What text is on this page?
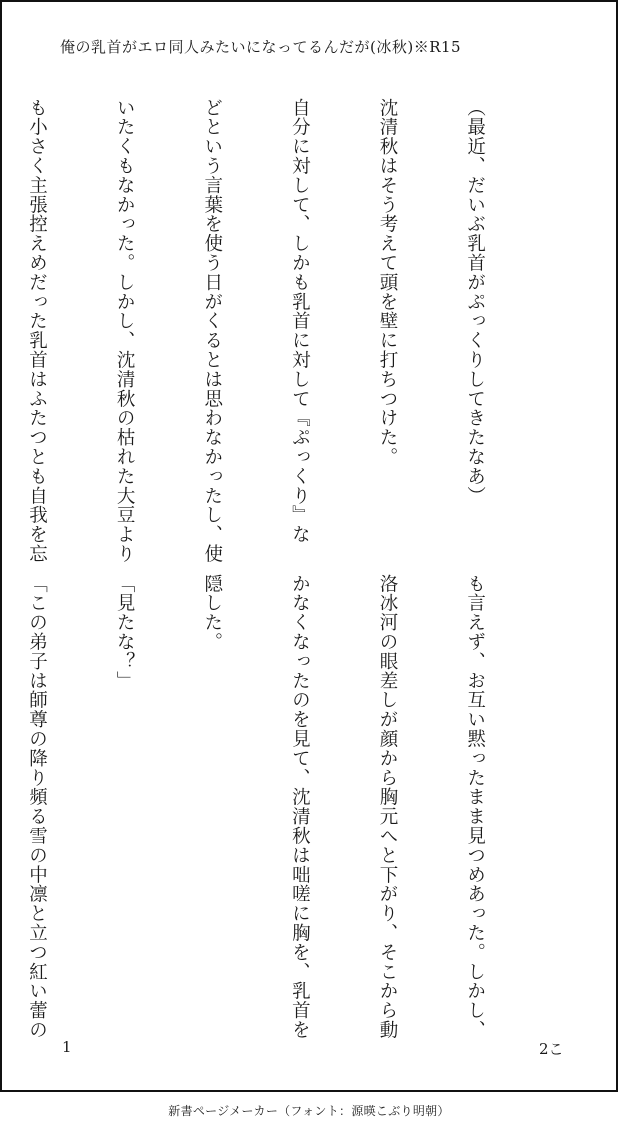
俺の乳首がエロ同人みたいになってるんだが(冰秋)※R15

（最近、だいぶ乳首がぷっくりしてきたなあ）

沈清秋はそう考えて頭を壁に打ちつけた。

自分に対して、しかも乳首に対して『ぷっくり』な

どという言葉を使う日がくるとは思わなかったし、使

いたくもなかった。しかし、沈清秋の枯れた大豆より

も小さく主張控えめだった乳首はふたつとも自我を忘

も言えず、お互い黙ったまま見つめあった。しかし、

洛冰河の眼差しが顔から胸元へと下がり、そこから動

かなくなったのを見て、沈清秋は咄嗟に胸を、乳首を

隠した。

「見たな？」

「この弟子は師尊の降り頻る雪の中凛と立つ紅い蕾の

1	2こ
新書ページメーカー（フォント：源暎こぶり明朝）
